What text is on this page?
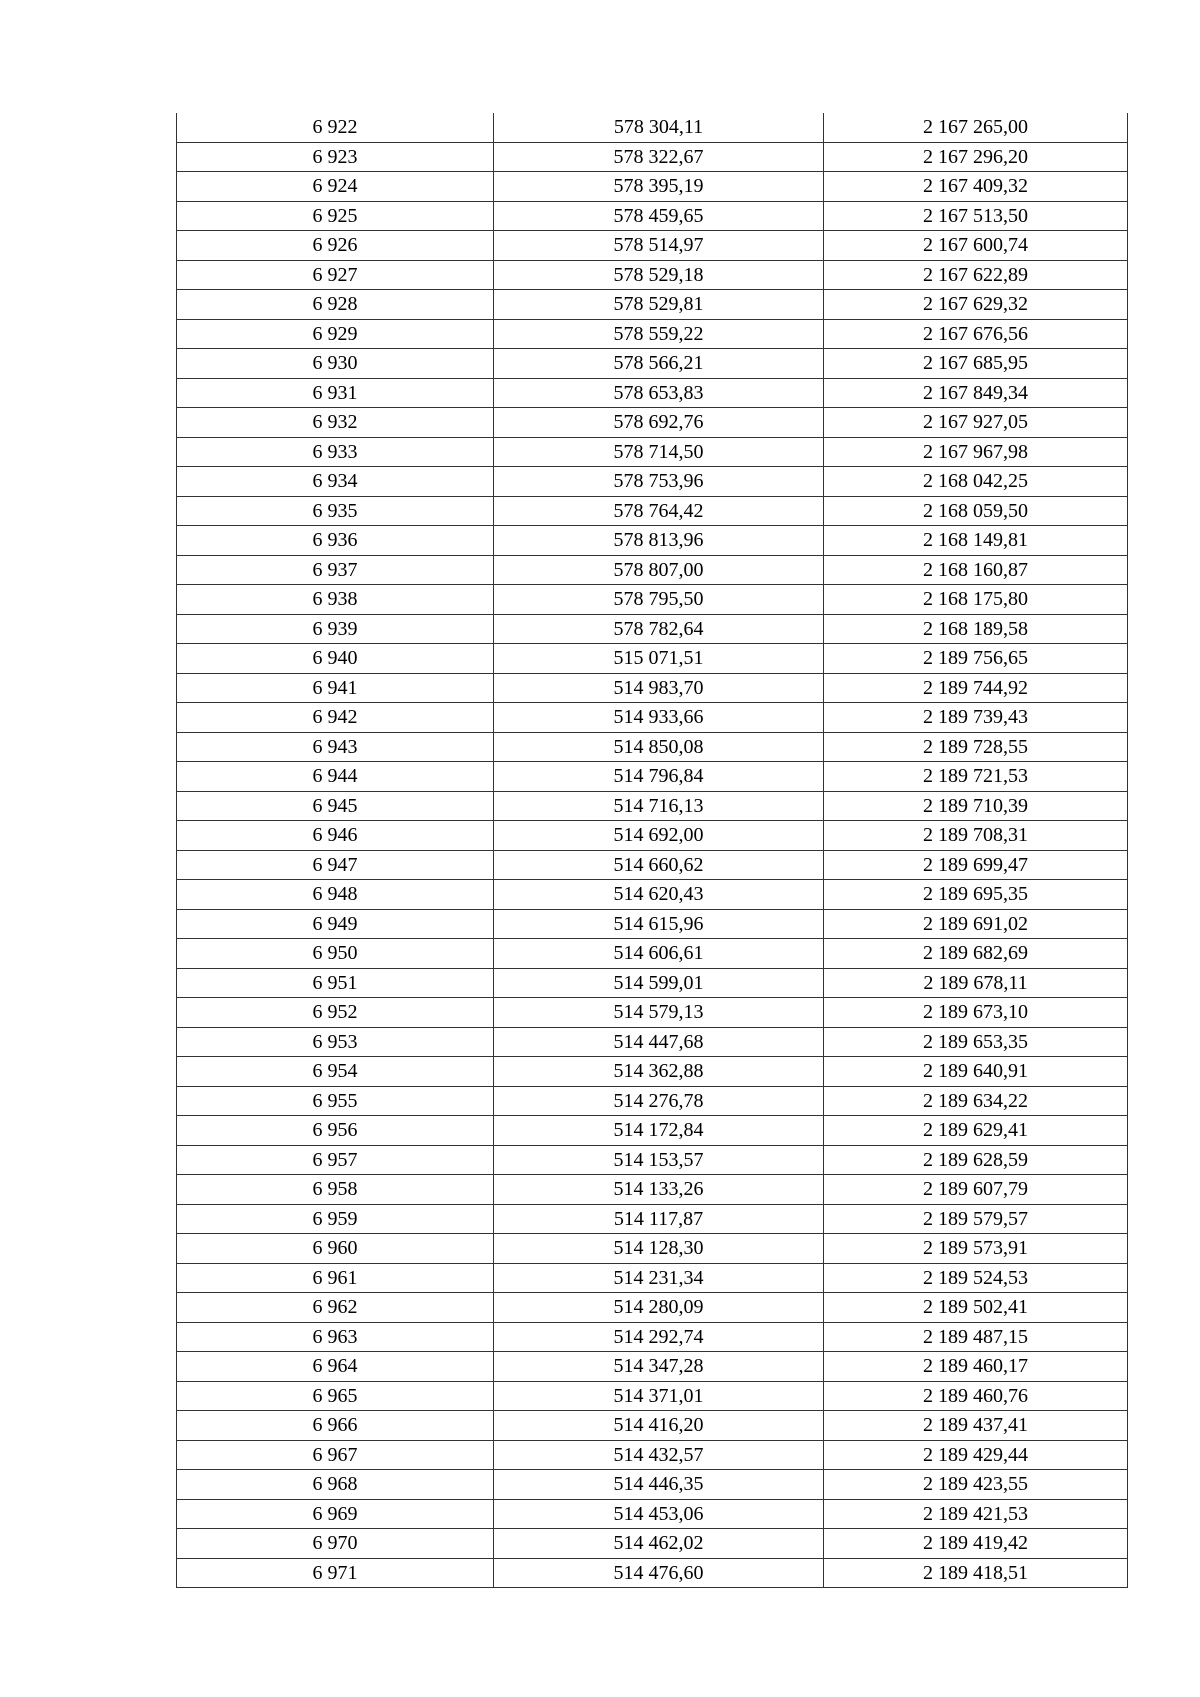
6 922	578 304,11	2 167 265,00
6 923	578 322,67	2 167 296,20
6 924	578 395,19	2 167 409,32
6 925	578 459,65	2 167 513,50
6 926	578 514,97	2 167 600,74
6 927	578 529,18	2 167 622,89
6 928	578 529,81	2 167 629,32
6 929	578 559,22	2 167 676,56
6 930	578 566,21	2 167 685,95
6 931	578 653,83	2 167 849,34
6 932	578 692,76	2 167 927,05
6 933	578 714,50	2 167 967,98
6 934	578 753,96	2 168 042,25
6 935	578 764,42	2 168 059,50
6 936	578 813,96	2 168 149,81
6 937	578 807,00	2 168 160,87
6 938	578 795,50	2 168 175,80
6 939	578 782,64	2 168 189,58
6 940	515 071,51	2 189 756,65
6 941	514 983,70	2 189 744,92
6 942	514 933,66	2 189 739,43
6 943	514 850,08	2 189 728,55
6 944	514 796,84	2 189 721,53
6 945	514 716,13	2 189 710,39
6 946	514 692,00	2 189 708,31
6 947	514 660,62	2 189 699,47
6 948	514 620,43	2 189 695,35
6 949	514 615,96	2 189 691,02
6 950	514 606,61	2 189 682,69
6 951	514 599,01	2 189 678,11
6 952	514 579,13	2 189 673,10
6 953	514 447,68	2 189 653,35
6 954	514 362,88	2 189 640,91
6 955	514 276,78	2 189 634,22
6 956	514 172,84	2 189 629,41
6 957	514 153,57	2 189 628,59
6 958	514 133,26	2 189 607,79
6 959	514 117,87	2 189 579,57
6 960	514 128,30	2 189 573,91
6 961	514 231,34	2 189 524,53
6 962	514 280,09	2 189 502,41
6 963	514 292,74	2 189 487,15
6 964	514 347,28	2 189 460,17
6 965	514 371,01	2 189 460,76
6 966	514 416,20	2 189 437,41
6 967	514 432,57	2 189 429,44
6 968	514 446,35	2 189 423,55
6 969	514 453,06	2 189 421,53
6 970	514 462,02	2 189 419,42
6 971	514 476,60	2 189 418,51
